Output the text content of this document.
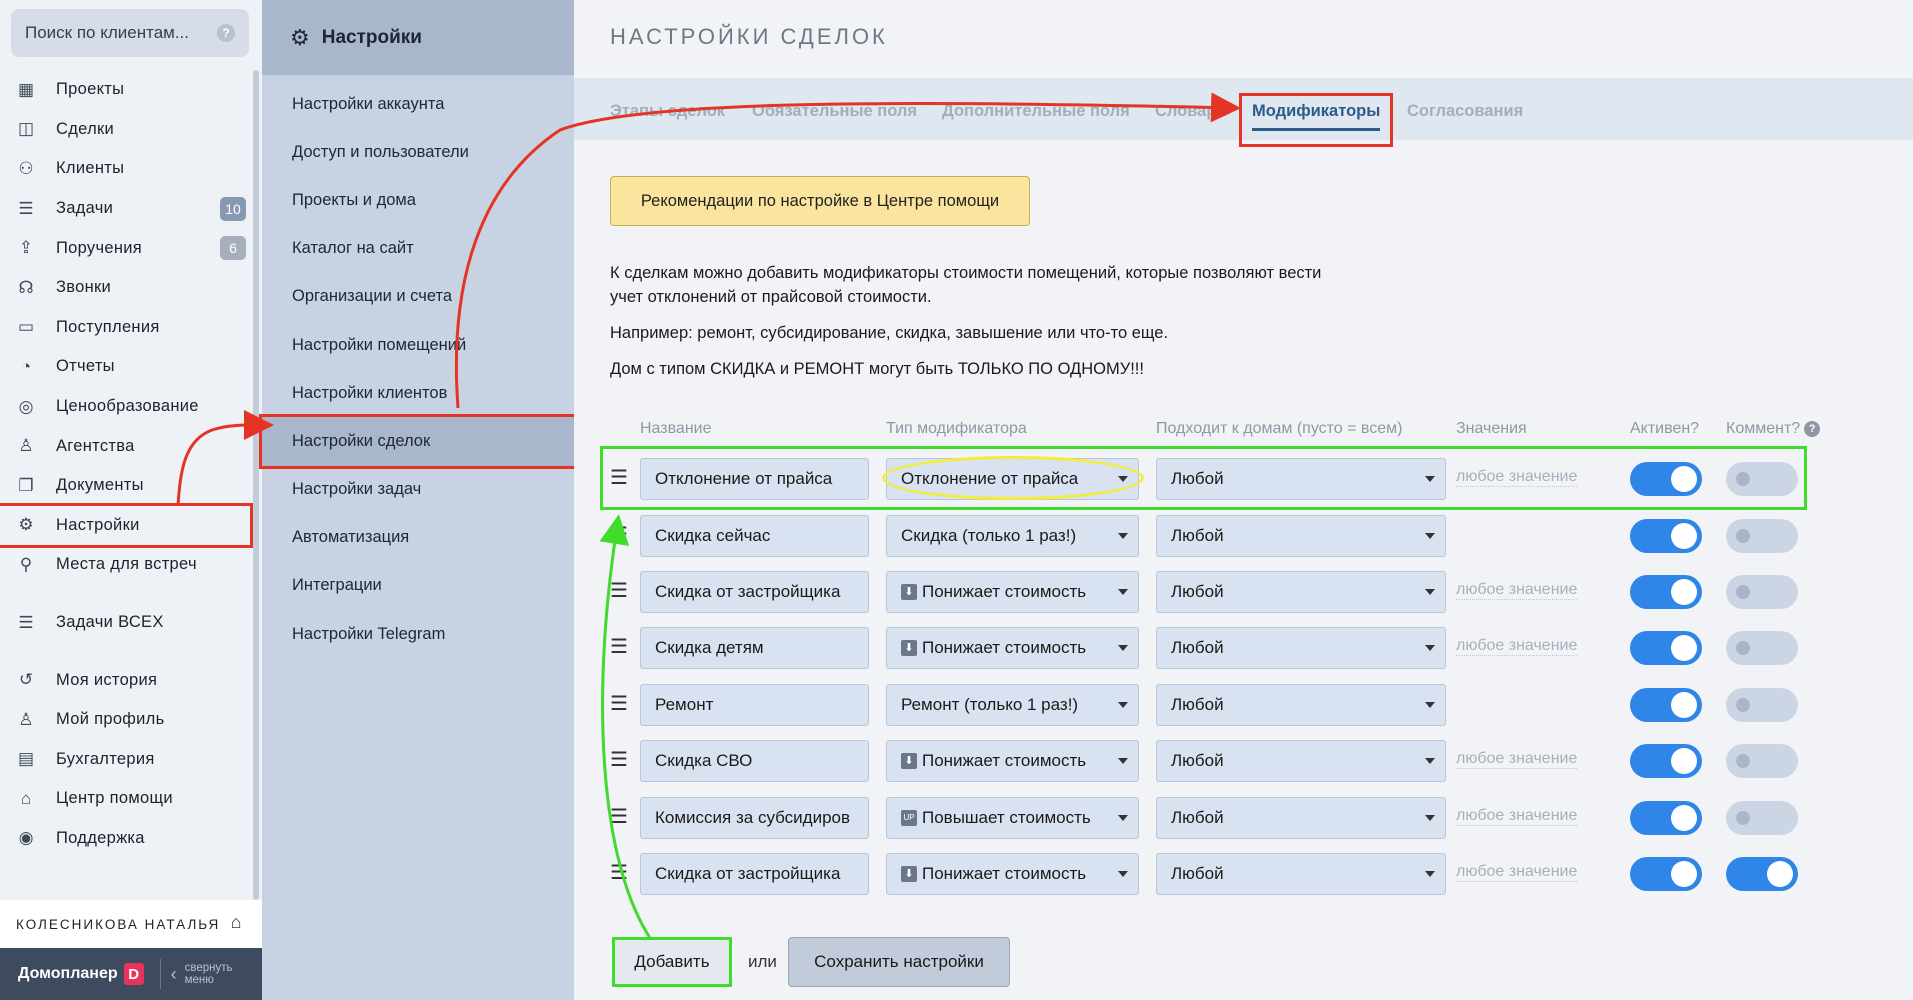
Поиск по клиентам...	?
▦ Проекты
◫ Сделки
⚇ Клиенты
☰ Задачи	10
⇪ Поручения	6
☊ Звонки
▭ Поступления
◔	Отчеты
◎ Ценообразование
♙ Агентства
❐ Документы
⚙ Настройки
⚲	Места для встреч
☰ Задачи ВСЕХ
↺ Моя история
♙ Мой профиль
▤ Бухгалтерия
⌂	Центр помощи
◉ Поддержка
КОЛЕСНИКОВА НАТАЛЬЯ ⌂
Домопланер D ‹ свернуть меню
⚙ Настройки
Настройки аккаунта
Доступ и пользователи
Проекты и дома
Каталог на сайт
Организации и счета
Настройки помещений
Настройки клиентов
Настройки сделок
Настройки задач
Автоматизация
Интеграции
Настройки Telegram
НАСТРОЙКИ СДЕЛОК
Этапы сделок Обязательные поля Дополнительные поля Словари Модификаторы Согласования
Рекомендации по настройке в Центре помощи
К сделкам можно добавить модификаторы стоимости помещений, которые позволяют вести учет отклонений от прайсовой стоимости.
Например: ремонт, субсидирование, скидка, завышение или что-то еще.
Дом с типом СКИДКА и РЕМОНТ могут быть ТОЛЬКО ПО ОДНОМУ!!!
Название	Тип модификатора	Подходит к домам (пусто = всем)	Значения	Активен? Коммент? ?
☰	Отклонение от прайса	Отклонение от прайса	Любой	любое значение
☰	Скидка сейчас	Скидка (только 1 раз!)	Любой
☰	Скидка от застройщика	⬇ Понижает стоимость	Любой	любое значение
☰	Скидка детям	⬇ Понижает стоимость	Любой	любое значение
☰	Ремонт	Ремонт (только 1 раз!)	Любой
☰	Скидка СВО	⬇ Понижает стоимость	Любой	любое значение
☰	Комиссия за субсидиров	UP Повышает стоимость	Любой	любое значение
☰	Скидка от застройщика	⬇ Понижает стоимость	Любой	любое значение
Добавить	или	Сохранить настройки
